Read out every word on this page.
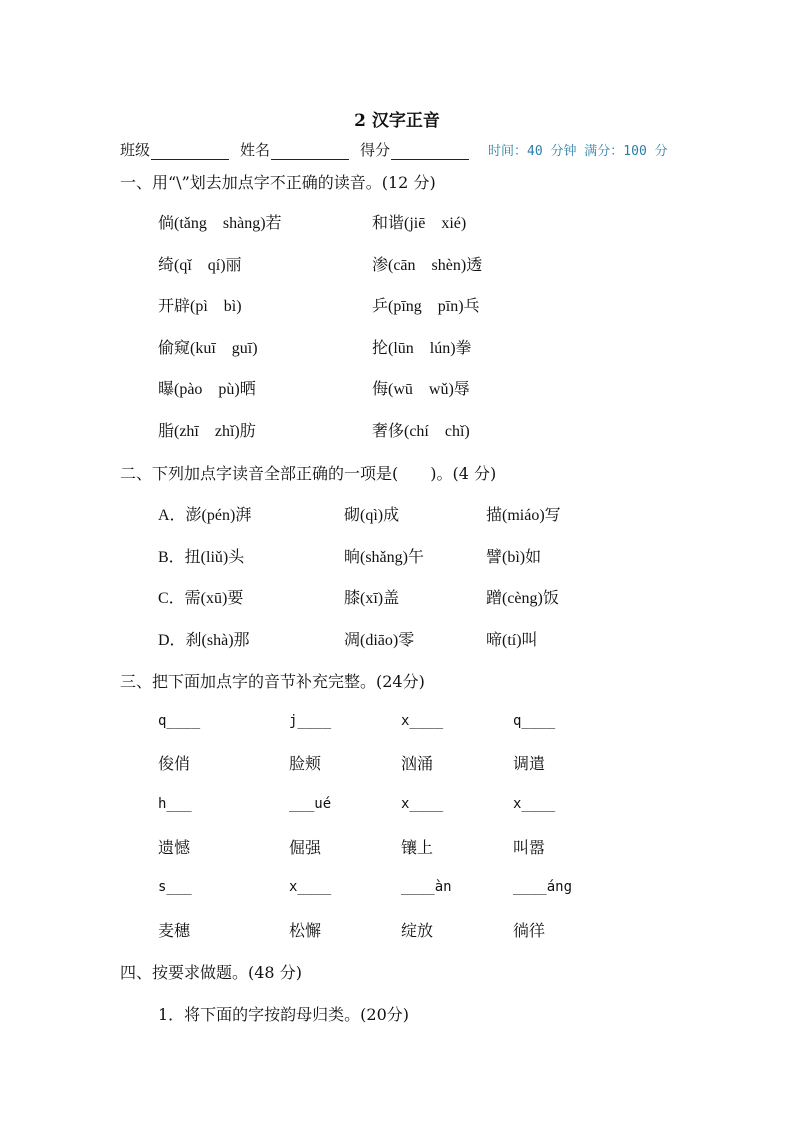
2 汉字正音
班级	姓名	得分	时间：40 分钟 满分：100 分
一、用“\”划去加点字不正确的读音。(12 分)
倘(tǎng　shàng)若	和谐(jiē　xié)
绮(qǐ　qí)丽	渗(cān　shèn)透
开辟(pì　bì)	乒(pīng　pīn)乓
偷窥(kuī　guī)	抡(lūn　lún)拳
曝(pào　pù)晒	侮(wū　wǔ)辱
脂(zhī　zhǐ)肪	奢侈(chí　chǐ)
二、下列加点字读音全部正确的一项是(　　)。(4 分)
A．澎(pén)湃	砌(qì)成	描(miáo)写
B．扭(liǔ)头	晌(shǎng)午	譬(bì)如
C．需(xū)要	膝(xī)盖	蹭(cèng)饭
D．刹(shà)那	凋(diāo)零	啼(tí)叫
三、把下面加点字的音节补充完整。(24分)
q____	j____	x____	q____
俊俏	脸颊	汹涌	调遣
h___	___ué	x____	x____
遗憾	倔强	镶上	叫嚣
s___	x____	____àn	____áng
麦穗	松懈	绽放	徜徉
四、按要求做题。(48 分)
1．将下面的字按韵母归类。(20分)
